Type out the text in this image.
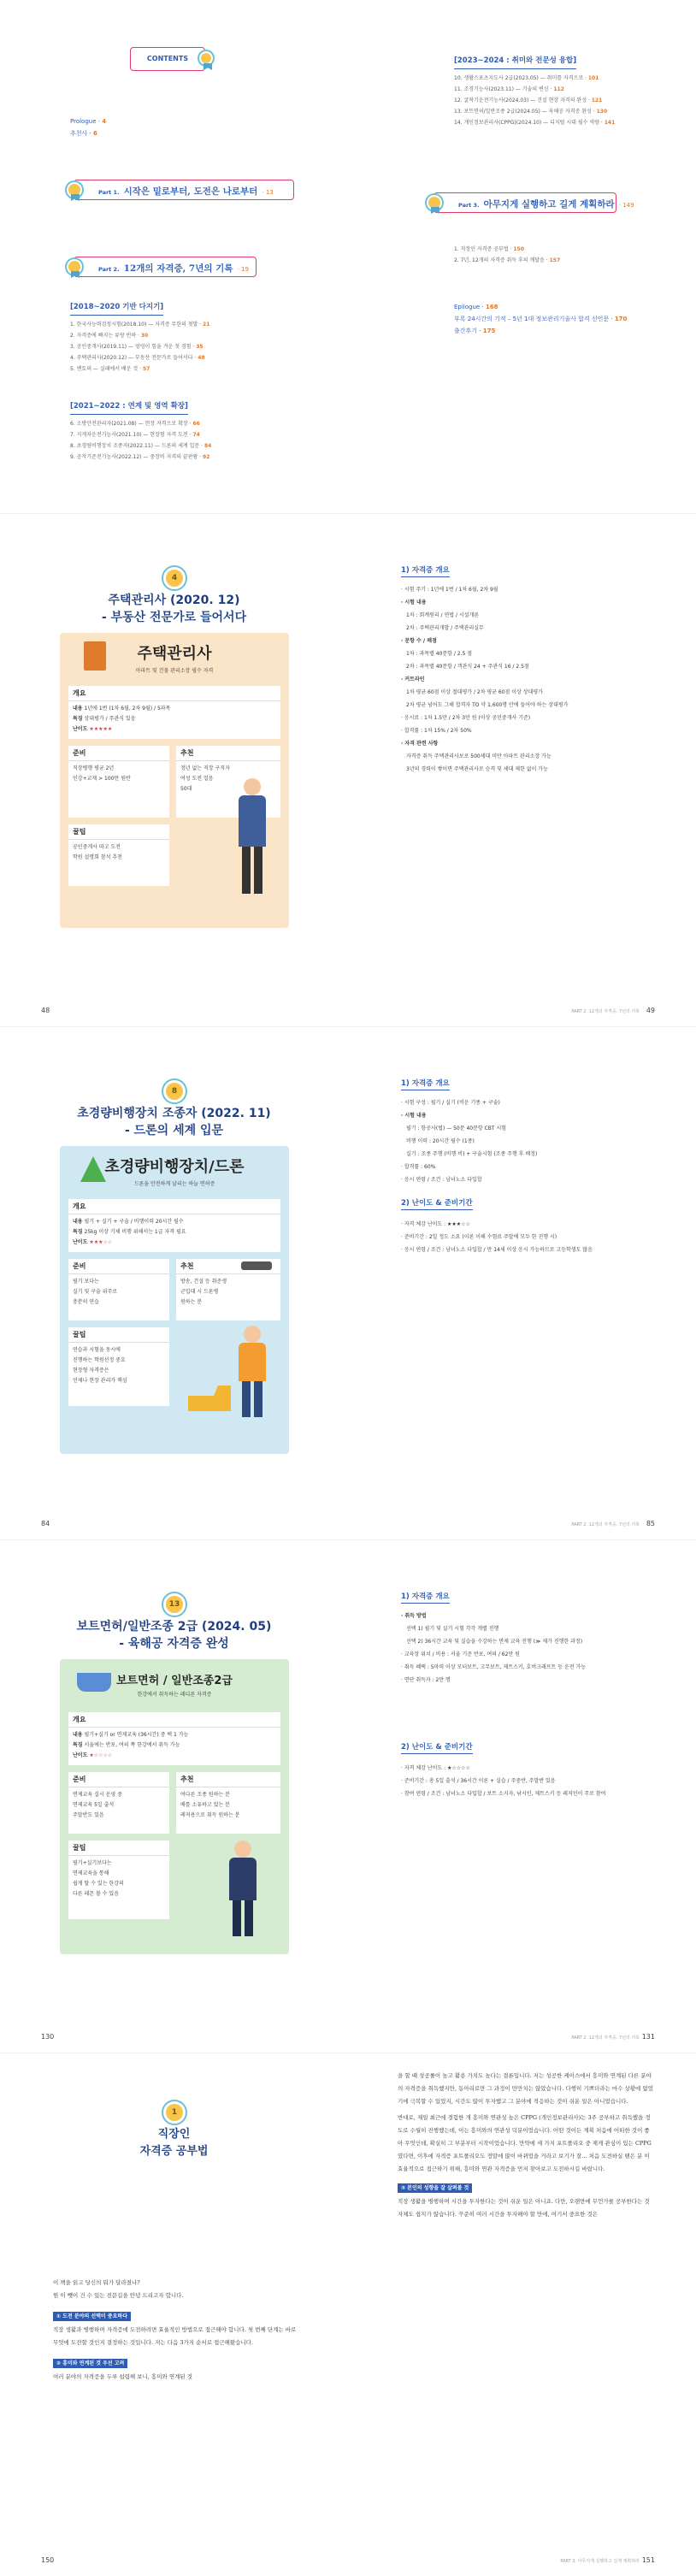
CONTENTS
Prologue · 4
추천사 · 6
Part 1. 시작은 밑로부터, 도전은 나로부터 · 13
Part 2. 12개의 자격증, 7년의 기록 · 19
[2018~2020 기반 다지기]
1. 한국사능력검정시험(2018.10) — 자격증 무한의 첫발 · 21
2. 자격증에 빠지는 류랑 빈하 · 30
3. 공인중개사(2019.11) — 엉덩이 힘을 겨운 첫 경험 · 35
4. 주택관리사(2020.12) — 부동산 전문가로 들어서다 · 48
5. 멘토의 — 실패에서 배운 것 · 57
[2021~2022 : 연계 및 영역 확장]
6. 소방안전관리자(2021.08) — 현장 자격으로 확장 · 66
7. 지게차운전기능사(2021.10) — 현장형 자격 도전 · 74
8. 초경량비행장치 조종자(2022.11) — 드론의 세계 입문 · 84
9. 공작기준전기능사(2022.12) — 중장비 자격의 끝판왕 · 92
[2023~2024 : 취미와 전문성 융합]
10. 생활스포츠지도사 2급(2023.05) — 취미를 자격으로 · 101
11. 조경기능사(2023.11) — 기술의 변신 · 112
12. 굴착기운전기능사(2024.03) — 건설 현장 자격의 완성 · 121
13. 보트면허/일반조종 2급(2024.05) — 육해공 자격증 완성 · 130
14. 개인정보관리사(CPPG)(2024.10) — 디지털 시대 필수 역량 · 141
Part 3. 아무지게 실행하고 길게 계획하라 · 149
1. 직장인 자격증 공부법 · 150
2. 7년, 12개의 자격증 취득 후의 깨달음 · 157
Epilogue · 168
부록 24시간의 기적 – 5년 1대 정보관리기술사 합격 선언문 · 170
출간후기 · 175
4
주택관리사 (2020. 12)
- 부동산 전문가로 들어서다
주택관리사
아파트 및 건물 관리소장 필수 자격
개요
내용 1년에 1번 (1차 6월, 2차 9월) / 5과목
특징 상대평가 / 주관식 있음
난이도 ★★★★★
준비
직장병행 평균 2년
인강+교재 > 100만 원반
추천
정년 없는 직장 구직자
여성 도전 얼음
50대
꿀팁
공인중개사 따고 도전
학원 설명회 참석 추천
48
1) 자격증 개요
· 시험 주기 : 1년에 1번 / 1차 6월, 2차 9월
· 시험 내용
1차 : 회계원리 / 연법 / 시설개론
2차 : 주택관리개발 / 주택관리실무
· 문항 수 / 배점
1차 : 과목별 40문항 / 2.5 점
2차 : 과목별 40문항 / 객관식 24 + 주관식 16 / 2.5점
· 커트라인
1차 평균 60점 이상 절대평가 / 2차 평균 60점 이상 상대평가
2차 평균 넘어도 그해 합격자 TO 약 1,600명 안에 들어야 하는 상대평가
· 응시료 : 1차 1.5만 / 2차 3만 원 (이상 공인중개사 기준)
· 합격률 : 1차 15% / 2차 50%
· 자격 관련 사항
자격증 취득 주택관리사보로 500세대 미만 아파트 관리소장 가능
3년의 경력이 쌓이면 주택관리사로 승격 및 세대 제한 없이 가능
PART 2. 12개의 자격증, 7년의 기록 49
8
초경량비행장치 조종자 (2022. 11)
- 드론의 세계 입문
초경량비행장치/드론
드론을 안전하게 날리는 하늘 면허증
개요
내용 필기 + 실기 + 구술 / 비행이력 20시간 필수
특징 25kg 이상 기체 비행 위해서는 1급 자격 필요
난이도 ★★★☆☆
준비
필기 보다는
실기 및 구술 위주로
충분히 연습
추천
방송, 건설 등 취준생
군입대 시 드론병
원하는 분
꿀팁
연습과 시험을 동시에
진행하는 학원선정 중요
현장형 자격증은
언제나 현장 관리가 핵심
84
1) 자격증 개요
· 시험 구성 : 필기 / 실기 (비운 기종 + 구술)
· 시험 내용
필기 : 항공사(법) — 50문 40문항 CBT 시험
비행 이력 : 20시간 필수 (1종)
실기 : 조종 주행 (비행 비) + 구술시험 (조종 주행 후 배정)
· 합격률 : 60%
· 응시 연령 / 조건 : 남녀노소 다입합
2) 난이도 & 준비기간
· 자격 체감 난이도 : ★★★☆☆
· 준비기간 : 2일 정도 소요 (이론 이해 수험료 주말에 모두 한 진행 시)
· 응시 연령 / 조건 : 남녀노소 다입합 / 만 14세 이상 응시 가능하므로 고등학생도 많음
PART 2. 12개의 자격증, 7년의 기록 85
13
보트면허/일반조종 2급 (2024. 05)
- 육해공 자격증 완성
보트면허 / 일반조종2급
한강에서 취득하는 레디폰 자격증
개요
내용 필기+실기 or 면제교육 (36시간) 중 택 1 가능
특징 서울에는 반포, 여의 쪽 한강에서 취득 가능
난이도 ★☆☆☆☆
준비
면제교육 실시 운영 중
면제교육 5일 출석
주말반도 있음
추천
여다른 조종 원하는 분
배를 소유하고 있는 분
레저용으로 취득 원하는 분
꿀팁
필기+실기보다는
면제교육을 통해
쉽게 딸 수 있는 한강의
다른 레몬 볼 수 있음
130
1) 자격증 개요
· 취득 방법
선택 1) 필기 및 실기 시험 각각 개별 진행
선택 2) 36시간 교육 및 실습을 수강하는 면제 교육 진행 (≫ 제가 진행한 과정)
· 교육장 위치 / 비용 : 서울 기준 반포, 여의 / 62만 원
· 취득 혜택 : 5마력 이상 모터보트, 고무보트, 제트스키, 호버크래프트 등 운전 가능
· 면단 취득자 : 2만 명
2) 난이도 & 준비기간
· 자격 체감 난이도 : ★☆☆☆☆
· 준비기간 : 총 5일 출석 / 36시간 이론 + 실습 / 주중반, 주말반 있음
· 참여 연령 / 조건 : 남녀노소 다입합 / 보트 소지자, 낚시인, 제트스키 등 레저인이 주로 참여
PART 2. 12개의 자격증, 7년의 기록 131
1
직장인
자격증 공부법
이 책을 읽고 당신의 뭐가 달라졌나?
뭔 이 뺏이 건 수 있는 전문길을 안녕 드리고자 합니다.
① 도전 분야의 선택이 중요하다
직장 생활과 병행하며 자격증에 도전하려면 효율적인 방법으로 접근해야 합니다. 첫 번째 단계는 바로 무엇에 도전할 것인지 결정하는 것입니다. 저는 다음 3가지 순서로 접근해왔습니다.
② 흥미와 연계된 것 우선 고려
여러 분야의 자격증을 두루 섭렵해 보니, 흥미와 연계된 것
150
을 할 때 성공률이 높고 활용 가치도 높다는 결론입니다. 저는 성공한 케이스에서 흥미와 연계된 다른 분야의 자격증을 취득했지만, 동아리로만 그 과정이 만만치는 않았습니다. 다행히 기쁘더라는 마수 상황에 없었기에 극복할 수 있었지, 시간도 많이 투자했고 그 분야에 적응하는 것이 쉬운 일은 아니었습니다.
반대로, 제일 최근에 경험한 개 흥미와 연관성 높은 CPPG (개인정보관리사)는 3주 공부하고 취득했을 정도로 수월히 진행했는데, 이는 흥미와의 연관성 덕분이었습니다. 어떤 것이든 계획 처음에 어떠한 것이 좋아 무엇인데, 확실히 그 부분부터 시작이었습니다. 만약에 세 가지 포트폴리오 중 제게 관심이 있는 CPPG였다면, 이후에 자격증 포트폴리오도 정말에 많이 바뀌었을 거라고 보기가 잘... 처음 도전하실 땐은 분 이 효율적으로 접근하기 위해, 흥미와 연관 자격증을 먼저 찾아보고 도전하시길 바랍니다.
③ 본인의 성향을 잘 살펴볼 것
직장 생활을 병행하며 시간을 투자한다는 것이 쉬운 일은 아니죠. 다만, 오랜만에 무언가를 공부한다는 것 자체도 쉽지가 않습니다. 꾸준히 여러 시간을 투자해야 할 만에, 여기서 중요한 것은
PART 3. 아무지게 실행하고 길게 계획하라 151
